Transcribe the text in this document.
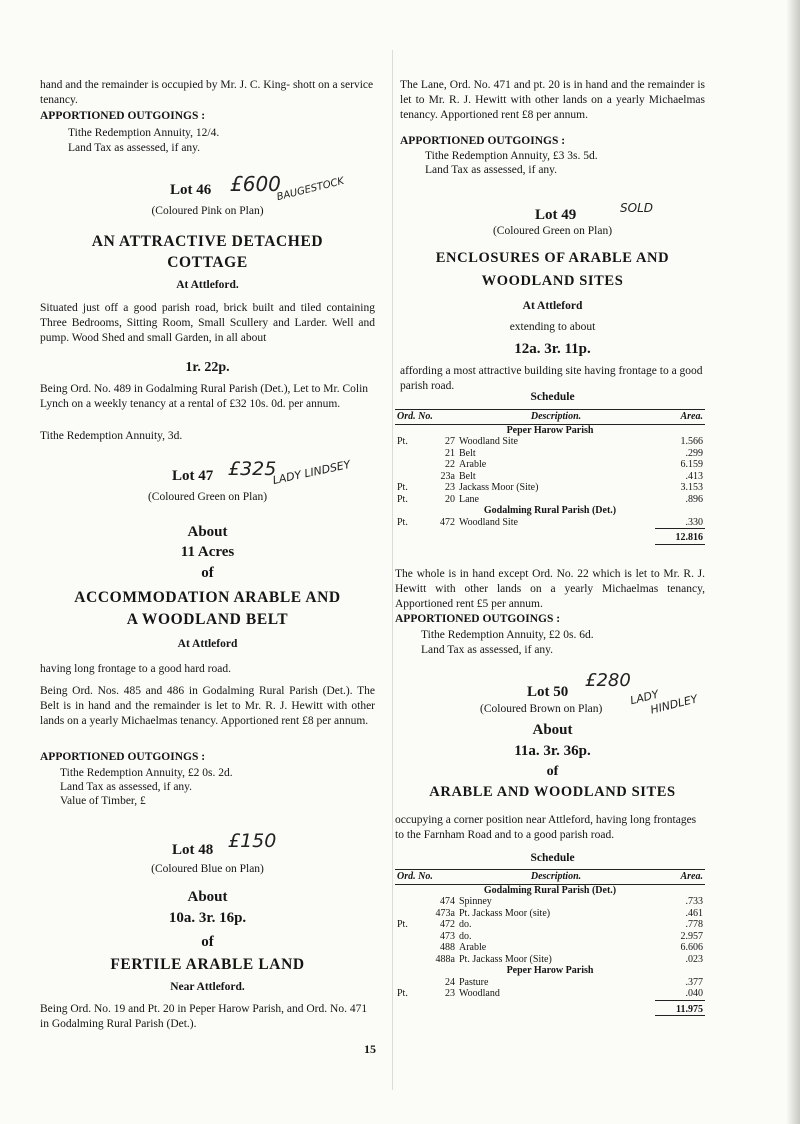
hand and the remainder is occupied by Mr. J. C. King- shott on a service tenancy.

APPORTIONED OUTGOINGS :

Tithe Redemption Annuity, 12/4.

Land Tax as assessed, if any.

Lot 46 £600

BAUGESTOCK

(Coloured Pink on Plan)

AN ATTRACTIVE DETACHED

COTTAGE

At Attleford.

Situated just off a good parish road, brick built and tiled containing Three Bedrooms, Sitting Room, Small Scullery and Larder. Well and pump. Wood Shed and small Garden, in all about

1r. 22p.

Being Ord. No. 489 in Godalming Rural Parish (Det.), Let to Mr. Colin Lynch on a weekly tenancy at a rental of £32 10s. 0d. per annum.

Tithe Redemption Annuity, 3d.

Lot 47 £325

LADY LINDSEY

(Coloured Green on Plan)

About

11 Acres

of

ACCOMMODATION ARABLE AND

A WOODLAND BELT

At Attleford

having long frontage to a good hard road.

Being Ord. Nos. 485 and 486 in Godalming Rural Parish (Det.). The Belt is in hand and the remainder is let to Mr. R. J. Hewitt with other lands on a yearly Michaelmas tenancy. Apportioned rent £8 per annum.

APPORTIONED OUTGOINGS :

Tithe Redemption Annuity, £2 0s. 2d.

Land Tax as assessed, if any.

Value of Timber, £

Lot 48 £150

(Coloured Blue on Plan)

About

10a. 3r. 16p.

of

FERTILE ARABLE LAND

Near Attleford.

Being Ord. No. 19 and Pt. 20 in Peper Harow Parish, and Ord. No. 471 in Godalming Rural Parish (Det.).

The Lane, Ord. No. 471 and pt. 20 is in hand and the remainder is let to Mr. R. J. Hewitt with other lands on a yearly Michaelmas tenancy. Apportioned rent £8 per annum.

APPORTIONED OUTGOINGS :

Tithe Redemption Annuity, £3 3s. 5d.

Land Tax as assessed, if any.

Lot 49	SOLD

(Coloured Green on Plan)

ENCLOSURES OF ARABLE AND

WOODLAND SITES

At Attleford

extending to about

12a. 3r. 11p.

affording a most attractive building site having frontage to a good parish road.

Schedule

Ord. No.	Description.	Area.
Peper Harow Parish		
Pt. 27	Woodland Site	1.566

21	Belt	.299

22	Arable	6.159

23a	Belt	.413
Pt. 23	Jackass Moor (Site)	3.153
Pt. 20	Lane	.896
Godalming Rural Parish (Det.)		
Pt. 472	Woodland Site	.330
		12.816

The whole is in hand except Ord. No. 22 which is let to Mr. R. J. Hewitt with other lands on a yearly Michaelmas tenancy, Apportioned rent £5 per annum.

APPORTIONED OUTGOINGS :

Tithe Redemption Annuity, £2 0s. 6d.

Land Tax as assessed, if any.

Lot 50

£280

LADY

HINDLEY

(Coloured Brown on Plan)

About

11a. 3r. 36p.

of

ARABLE AND WOODLAND SITES

occupying a corner position near Attleford, having long frontages to the Farnham Road and to a good parish road.

Schedule

Ord. No.	Description.	Area.
Godalming Rural Parish (Det.)		

474	Spinney	.733

473a	Pt. Jackass Moor (site)	.461
Pt. 472	do.	.778

473	do.	2.957

488	Arable	6.606

488a	Pt. Jackass Moor (Site)	.023
Peper Harow Parish		

24	Pasture	.377
Pt. 23	Woodland	.040
		11.975
15
